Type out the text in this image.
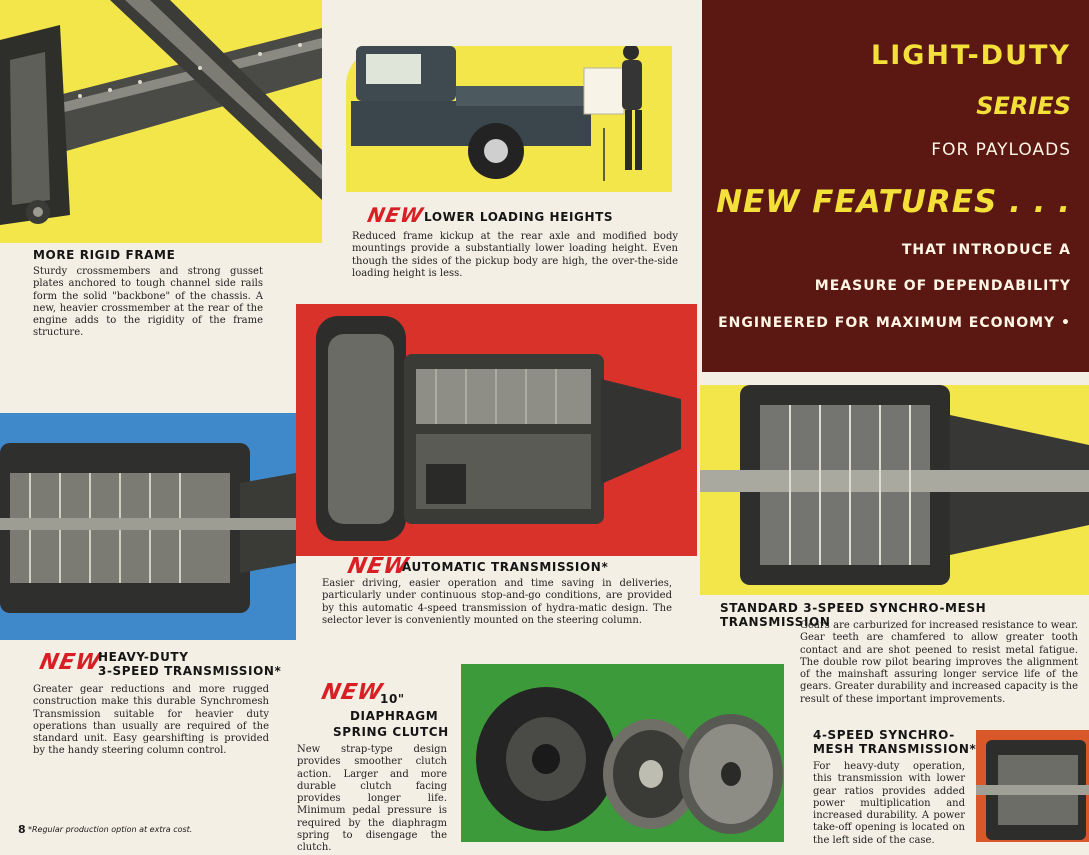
MORE RIGID FRAME
Sturdy crossmembers and strong gusset plates anchored to tough channel side rails form the solid "backbone" of the chassis. A new, heavier crossmember at the rear of the engine adds to the rigidity of the frame structure.
NEW
LOWER LOADING HEIGHTS
Reduced frame kickup at the rear axle and modified body mountings provide a substantially lower loading height. Even though the sides of the pickup body are high, the over-the-side loading height is less.
LIGHT-DUTY
SERIES
FOR PAYLOADS
NEW FEATURES . . .
THAT INTRODUCE A
MEASURE OF DEPENDABILITY
ENGINEERED FOR MAXIMUM ECONOMY •
NEW
AUTOMATIC TRANSMISSION*
Easier driving, easier operation and time saving in deliveries, particularly under continuous stop-and-go conditions, are provided by this automatic 4-speed transmission of hydra-matic design. The selector lever is conveniently mounted on the steering column.
NEW
HEAVY-DUTY
3-SPEED TRANSMISSION*
Greater gear reductions and more rugged construction make this durable Synchromesh Transmission suitable for heavier duty operations than usually are required of the standard unit. Easy gearshifting is provided by the handy steering column control.
NEW
10"
DIAPHRAGM
SPRING CLUTCH
New strap-type design provides smoother clutch action. Larger and more durable clutch facing provides longer life. Minimum pedal pressure is required by the diaphragm spring to disengage the clutch.
STANDARD 3-SPEED SYNCHRO-MESH TRANSMISSION
Gears are carburized for increased resistance to wear. Gear teeth are chamfered to allow greater tooth contact and are shot peened to resist metal fatigue. The double row pilot bearing improves the alignment of the mainshaft assuring longer service life of the gears. Greater durability and increased capacity is the result of these important improvements.
4-SPEED SYNCHRO-
MESH TRANSMISSION*
For heavy-duty operation, this transmission with lower gear ratios provides added power multiplication and increased durability. A power take-off opening is located on the left side of the case.
8 *Regular production option at extra cost.
